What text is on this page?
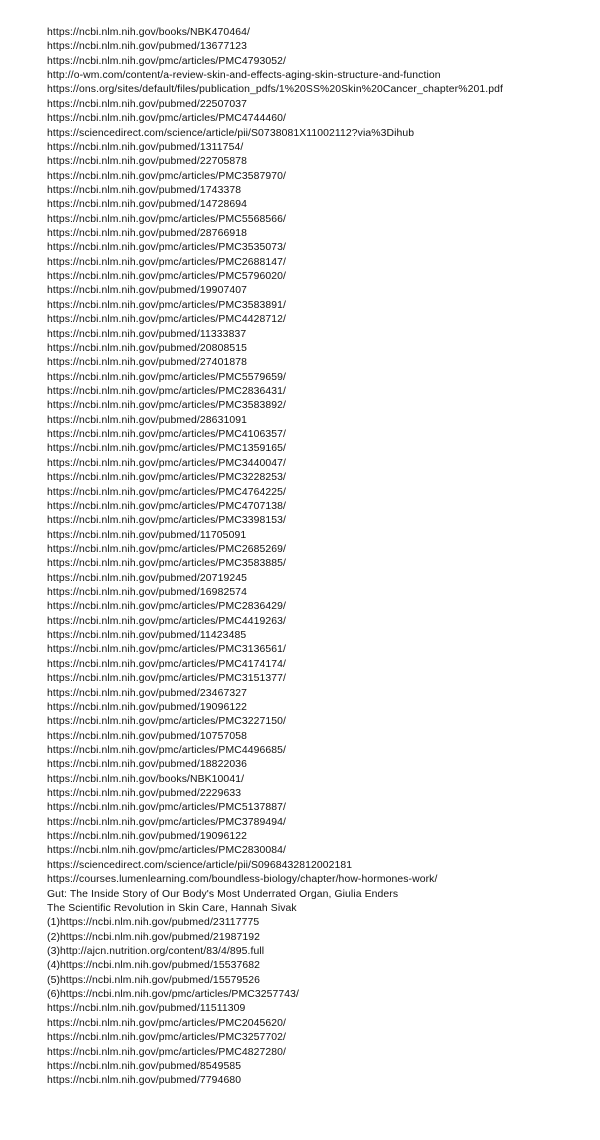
https://ncbi.nlm.nih.gov/books/NBK470464/
https://ncbi.nlm.nih.gov/pubmed/13677123
https://ncbi.nlm.nih.gov/pmc/articles/PMC4793052/
http://o-wm.com/content/a-review-skin-and-effects-aging-skin-structure-and-function
https://ons.org/sites/default/files/publication_pdfs/1%20SS%20Skin%20Cancer_chapter%201.pdf
https://ncbi.nlm.nih.gov/pubmed/22507037
https://ncbi.nlm.nih.gov/pmc/articles/PMC4744460/
https://sciencedirect.com/science/article/pii/S0738081X11002112?via%3Dihub
https://ncbi.nlm.nih.gov/pubmed/1311754/
https://ncbi.nlm.nih.gov/pubmed/22705878
https://ncbi.nlm.nih.gov/pmc/articles/PMC3587970/
https://ncbi.nlm.nih.gov/pubmed/1743378
https://ncbi.nlm.nih.gov/pubmed/14728694
https://ncbi.nlm.nih.gov/pmc/articles/PMC5568566/
https://ncbi.nlm.nih.gov/pubmed/28766918
https://ncbi.nlm.nih.gov/pmc/articles/PMC3535073/
https://ncbi.nlm.nih.gov/pmc/articles/PMC2688147/
https://ncbi.nlm.nih.gov/pmc/articles/PMC5796020/
https://ncbi.nlm.nih.gov/pubmed/19907407
https://ncbi.nlm.nih.gov/pmc/articles/PMC3583891/
https://ncbi.nlm.nih.gov/pmc/articles/PMC4428712/
https://ncbi.nlm.nih.gov/pubmed/11333837
https://ncbi.nlm.nih.gov/pubmed/20808515
https://ncbi.nlm.nih.gov/pubmed/27401878
https://ncbi.nlm.nih.gov/pmc/articles/PMC5579659/
https://ncbi.nlm.nih.gov/pmc/articles/PMC2836431/
https://ncbi.nlm.nih.gov/pmc/articles/PMC3583892/
https://ncbi.nlm.nih.gov/pubmed/28631091
https://ncbi.nlm.nih.gov/pmc/articles/PMC4106357/
https://ncbi.nlm.nih.gov/pmc/articles/PMC1359165/
https://ncbi.nlm.nih.gov/pmc/articles/PMC3440047/
https://ncbi.nlm.nih.gov/pmc/articles/PMC3228253/
https://ncbi.nlm.nih.gov/pmc/articles/PMC4764225/
https://ncbi.nlm.nih.gov/pmc/articles/PMC4707138/
https://ncbi.nlm.nih.gov/pmc/articles/PMC3398153/
https://ncbi.nlm.nih.gov/pubmed/11705091
https://ncbi.nlm.nih.gov/pmc/articles/PMC2685269/
https://ncbi.nlm.nih.gov/pmc/articles/PMC3583885/
https://ncbi.nlm.nih.gov/pubmed/20719245
https://ncbi.nlm.nih.gov/pubmed/16982574
https://ncbi.nlm.nih.gov/pmc/articles/PMC2836429/
https://ncbi.nlm.nih.gov/pmc/articles/PMC4419263/
https://ncbi.nlm.nih.gov/pubmed/11423485
https://ncbi.nlm.nih.gov/pmc/articles/PMC3136561/
https://ncbi.nlm.nih.gov/pmc/articles/PMC4174174/
https://ncbi.nlm.nih.gov/pmc/articles/PMC3151377/
https://ncbi.nlm.nih.gov/pubmed/23467327
https://ncbi.nlm.nih.gov/pubmed/19096122
https://ncbi.nlm.nih.gov/pmc/articles/PMC3227150/
https://ncbi.nlm.nih.gov/pubmed/10757058
https://ncbi.nlm.nih.gov/pmc/articles/PMC4496685/
https://ncbi.nlm.nih.gov/pubmed/18822036
https://ncbi.nlm.nih.gov/books/NBK10041/
https://ncbi.nlm.nih.gov/pubmed/2229633
https://ncbi.nlm.nih.gov/pmc/articles/PMC5137887/
https://ncbi.nlm.nih.gov/pmc/articles/PMC3789494/
https://ncbi.nlm.nih.gov/pubmed/19096122
https://ncbi.nlm.nih.gov/pmc/articles/PMC2830084/
https://sciencedirect.com/science/article/pii/S0968432812002181
https://courses.lumenlearning.com/boundless-biology/chapter/how-hormones-work/
Gut: The Inside Story of Our Body's Most Underrated Organ, Giulia Enders
The Scientific Revolution in Skin Care, Hannah Sivak
(1)https://ncbi.nlm.nih.gov/pubmed/23117775
(2)https://ncbi.nlm.nih.gov/pubmed/21987192
(3)http://ajcn.nutrition.org/content/83/4/895.full
(4)https://ncbi.nlm.nih.gov/pubmed/15537682
(5)https://ncbi.nlm.nih.gov/pubmed/15579526
(6)https://ncbi.nlm.nih.gov/pmc/articles/PMC3257743/
https://ncbi.nlm.nih.gov/pubmed/11511309
https://ncbi.nlm.nih.gov/pmc/articles/PMC2045620/
https://ncbi.nlm.nih.gov/pmc/articles/PMC3257702/
https://ncbi.nlm.nih.gov/pmc/articles/PMC4827280/
https://ncbi.nlm.nih.gov/pubmed/8549585
https://ncbi.nlm.nih.gov/pubmed/7794680
